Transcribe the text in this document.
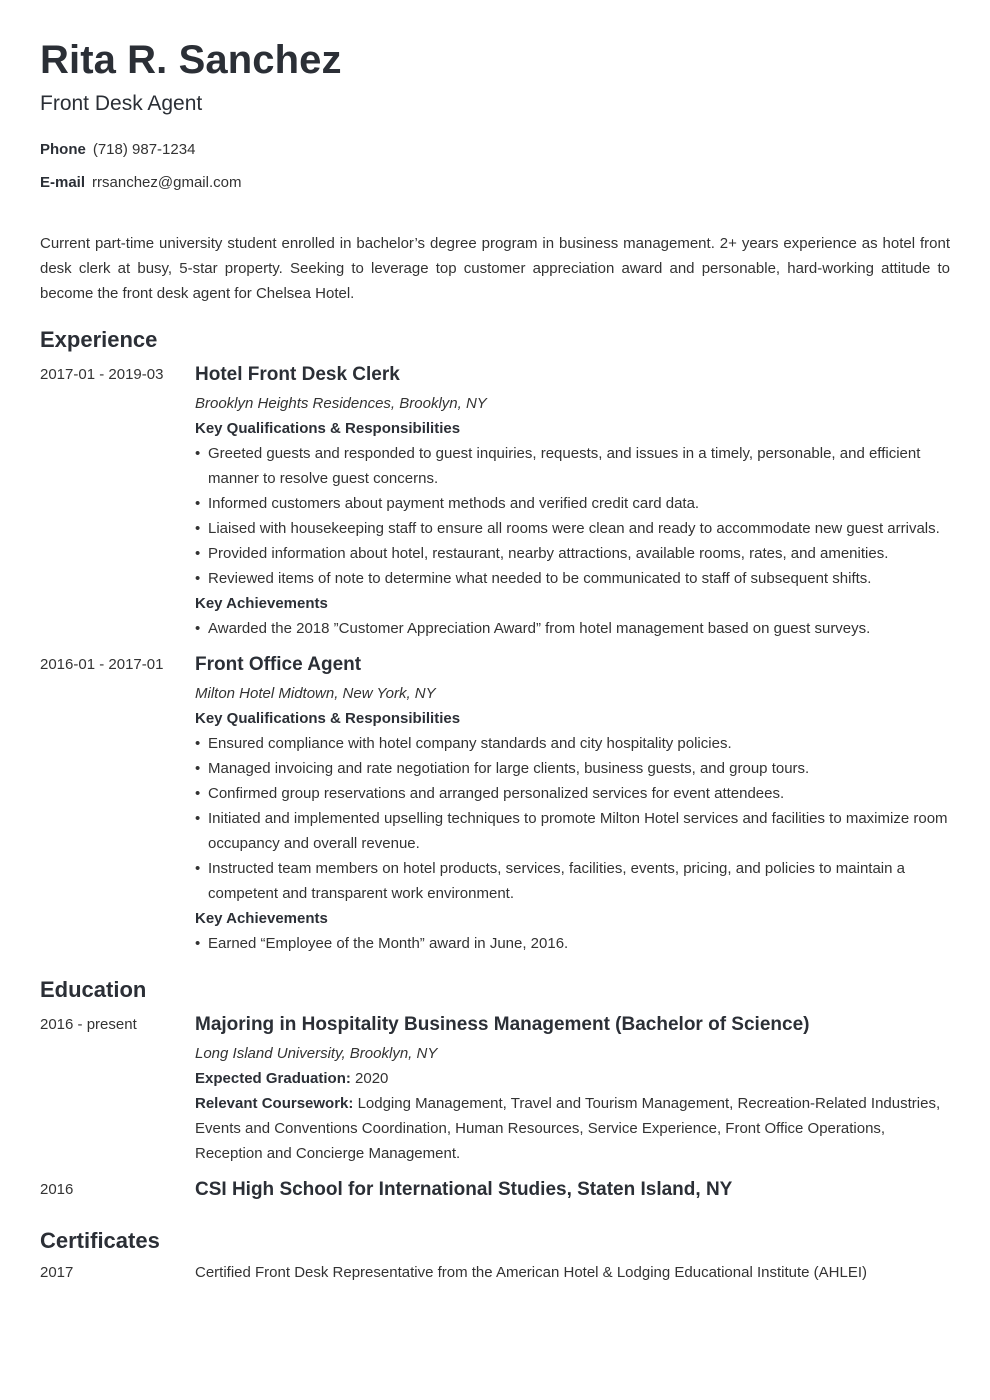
Rita R. Sanchez
Front Desk Agent
Phone (718) 987-1234
E-mail rrsanchez@gmail.com

Current part-time university student enrolled in bachelor’s degree program in business management. 2+ years experience as hotel front desk clerk at busy, 5-star property. Seeking to leverage top customer appreciation award and personable, hard-working attitude to become the front desk agent for Chelsea Hotel.

Experience
2017-01 - 2019-03	Hotel Front Desk Clerk
Brooklyn Heights Residences, Brooklyn, NY
Key Qualifications & Responsibilities
• Greeted guests and responded to guest inquiries, requests, and issues in a timely, personable, and efficient manner to resolve guest concerns.
• Informed customers about payment methods and verified credit card data.
• Liaised with housekeeping staff to ensure all rooms were clean and ready to accommodate new guest arrivals.
• Provided information about hotel, restaurant, nearby attractions, available rooms, rates, and amenities.
• Reviewed items of note to determine what needed to be communicated to staff of subsequent shifts.
Key Achievements
• Awarded the 2018 ”Customer Appreciation Award” from hotel management based on guest surveys.
2016-01 - 2017-01	Front Office Agent
Milton Hotel Midtown, New York, NY
Key Qualifications & Responsibilities
• Ensured compliance with hotel company standards and city hospitality policies.
• Managed invoicing and rate negotiation for large clients, business guests, and group tours.
• Confirmed group reservations and arranged personalized services for event attendees.
• Initiated and implemented upselling techniques to promote Milton Hotel services and facilities to maximize room occupancy and overall revenue.
• Instructed team members on hotel products, services, facilities, events, pricing, and policies to maintain a competent and transparent work environment.
Key Achievements
• Earned “Employee of the Month” award in June, 2016.
Education
2016 - present	Majoring in Hospitality Business Management (Bachelor of Science)
Long Island University, Brooklyn, NY
Expected Graduation: 2020
Relevant Coursework: Lodging Management, Travel and Tourism Management, Recreation-Related Industries, Events and Conventions Coordination, Human Resources, Service Experience, Front Office Operations, Reception and Concierge Management.
2016	CSI High School for International Studies, Staten Island, NY
Certificates
2017	Certified Front Desk Representative from the American Hotel & Lodging Educational Institute (AHLEI)
